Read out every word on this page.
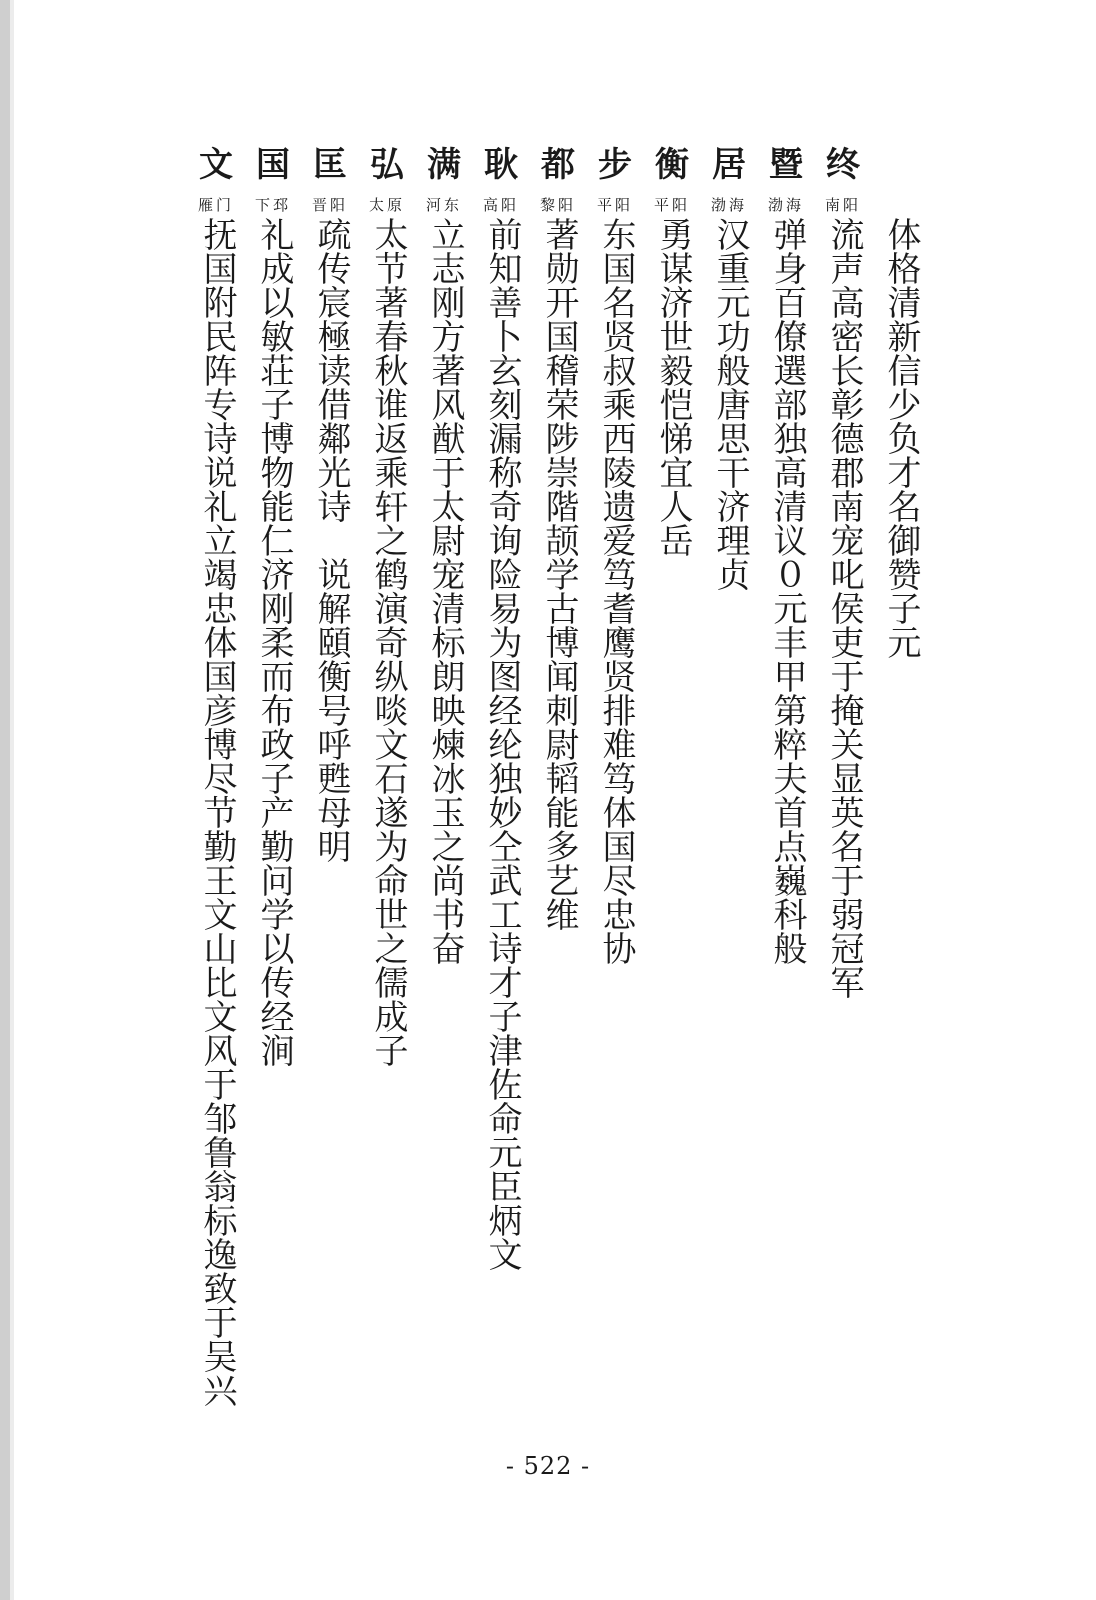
体格清新信少负才名御赞子元
终
南阳
流声高密长彰德郡南宠叱侯吏于掩关显英名于弱冠军
暨
渤海
弹身百僚選部独高清议０元丰甲第粹夫首点巍科般
居
渤海
汉重元功般唐思干济理贞
衡
平阳
勇谋济世毅恺悌宜人岳
步
平阳
东国名贤叔乘西陵遗爱笃耆鹰贤排难笃体国尽忠协
都
黎阳
著勋开国稽荣陟崇階颉学古博闻刺尉韬能多艺维
耿
高阳
前知善卜玄刻漏称奇询险易为图经纶独妙仝武工诗才子津佐命元臣炳文
满
河东
立志刚方著风猷于太尉宠清标朗映煉冰玉之尚书奋
弘
太原
太节著春秋谁返乘轩之鹤演奇纵啖文石遂为命世之儒成子
匡
晋阳
疏传宸極读借鄰光诗　说解頤衡号呼甦母明
国
下邳
礼成以敏荘子博物能仁济刚柔而布政子产勤问学以传经涧
文
雁门
抚国附民阵专诗说礼立竭忠体国彦博尽节勤王文山比文风于邹鲁翁标逸致于吴兴
- 522 -
